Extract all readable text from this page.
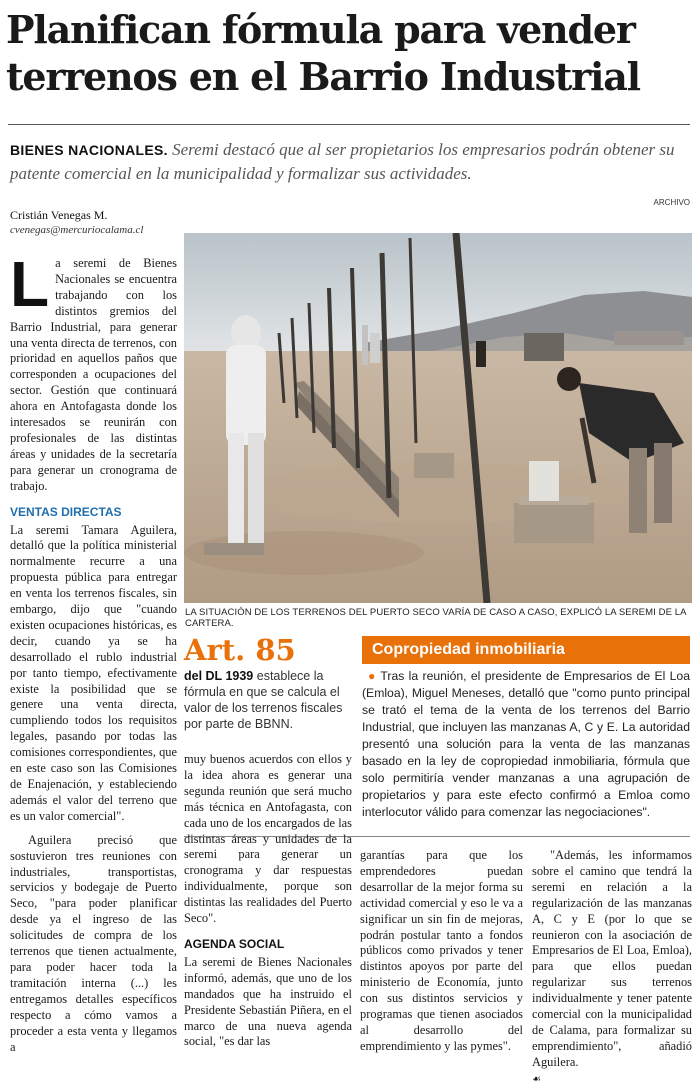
Planifican fórmula para vender
terrenos en el Barrio Industrial
BIENES NACIONALES. Seremi destacó que al ser propietarios los empresarios podrán obtener su patente comercial en la municipalidad y formalizar sus actividades.
ARCHIVO
Cristián Venegas M.
cvenegas@mercuriocalama.cl
L a seremi de Bienes Nacionales se encuentra trabajando con los distintos gremios del Barrio Industrial, para generar una venta directa de terrenos, con prioridad en aquellos paños que corresponden a ocupaciones del sector. Gestión que continuará ahora en Antofagasta donde los interesados se reunirán con profesionales de las distintas áreas y unidades de la secretaría para generar un cronograma de trabajo.

VENTAS DIRECTAS

La seremi Tamara Aguilera, detalló que la política ministerial normalmente recurre a una propuesta pública para entregar en venta los terrenos fiscales, sin embargo, dijo que "cuando existen ocupaciones históricas, es decir, cuando ya se ha desarrollado el rublo industrial por tanto tiempo, efectivamente existe la posibilidad que se genere una venta directa, cumpliendo todos los requisitos legales, pasando por todas las comisiones correspondientes, que en este caso son las Comisiones de Enajenación, y estableciendo además el valor del terreno que es un valor comercial".

Aguilera precisó que sostuvieron tres reuniones con industriales, transportistas, servicios y bodegaje de Puerto Seco, "para poder planificar desde ya el ingreso de las solicitudes de compra de los terrenos que tienen actualmente, para poder hacer toda la tramitación interna (...) les entregamos detalles específicos respecto a cómo vamos a proceder a esta venta y llegamos a

LA SITUACIÓN DE LOS TERRENOS DEL PUERTO SECO VARÍA DE CASO A CASO, EXPLICÓ LA SEREMI DE LA CARTERA.
Art. 85
del DL 1939 establece la fórmula en que se calcula el valor de los terrenos fiscales por parte de BBNN.
Copropiedad inmobiliaria
● Tras la reunión, el presidente de Empresarios de El Loa (Emloa), Miguel Meneses, detalló que "como punto principal se trató el tema de la venta de los terrenos del Barrio Industrial, que incluyen las manzanas A, C y E. La autoridad presentó una solución para la venta de las manzanas basado en la ley de copropiedad inmobiliaria, fórmula que solo permitiría vender manzanas a una agrupación de propietarios y para este efecto confirmó a Emloa como interlocutor válido para comenzar las negociaciones".

muy buenos acuerdos con ellos y la idea ahora es generar una segunda reunión que será mucho más técnica en Antofagasta, con cada uno de los encargados de las distintas áreas y unidades de la seremi para generar un cronograma y dar respuestas individualmente, porque son distintas las realidades del Puerto Seco".

AGENDA SOCIAL

La seremi de Bienes Nacionales informó, además, que uno de los mandados que ha instruido el Presidente Sebastián Piñera, en el marco de una nueva agenda social, "es dar las

garantías para que los emprendedores puedan desarrollar de la mejor forma su actividad comercial y eso le va a significar un sin fin de mejoras, podrán postular tanto a fondos públicos como privados y tener distintos apoyos por parte del ministerio de Economía, junto con sus distintos servicios y programas que tienen asociados al desarrollo del emprendimiento y las pymes".

"Además, les informamos sobre el camino que tendrá la seremi en relación a la regularización de las manzanas A, C y E (por lo que se reunieron con la asociación de Empresarios de El Loa, Emloa), para que ellos puedan regularizar sus terrenos individualmente y tener patente comercial con la municipalidad de Calama, para formalizar su emprendimiento", añadió Aguilera.

☙
